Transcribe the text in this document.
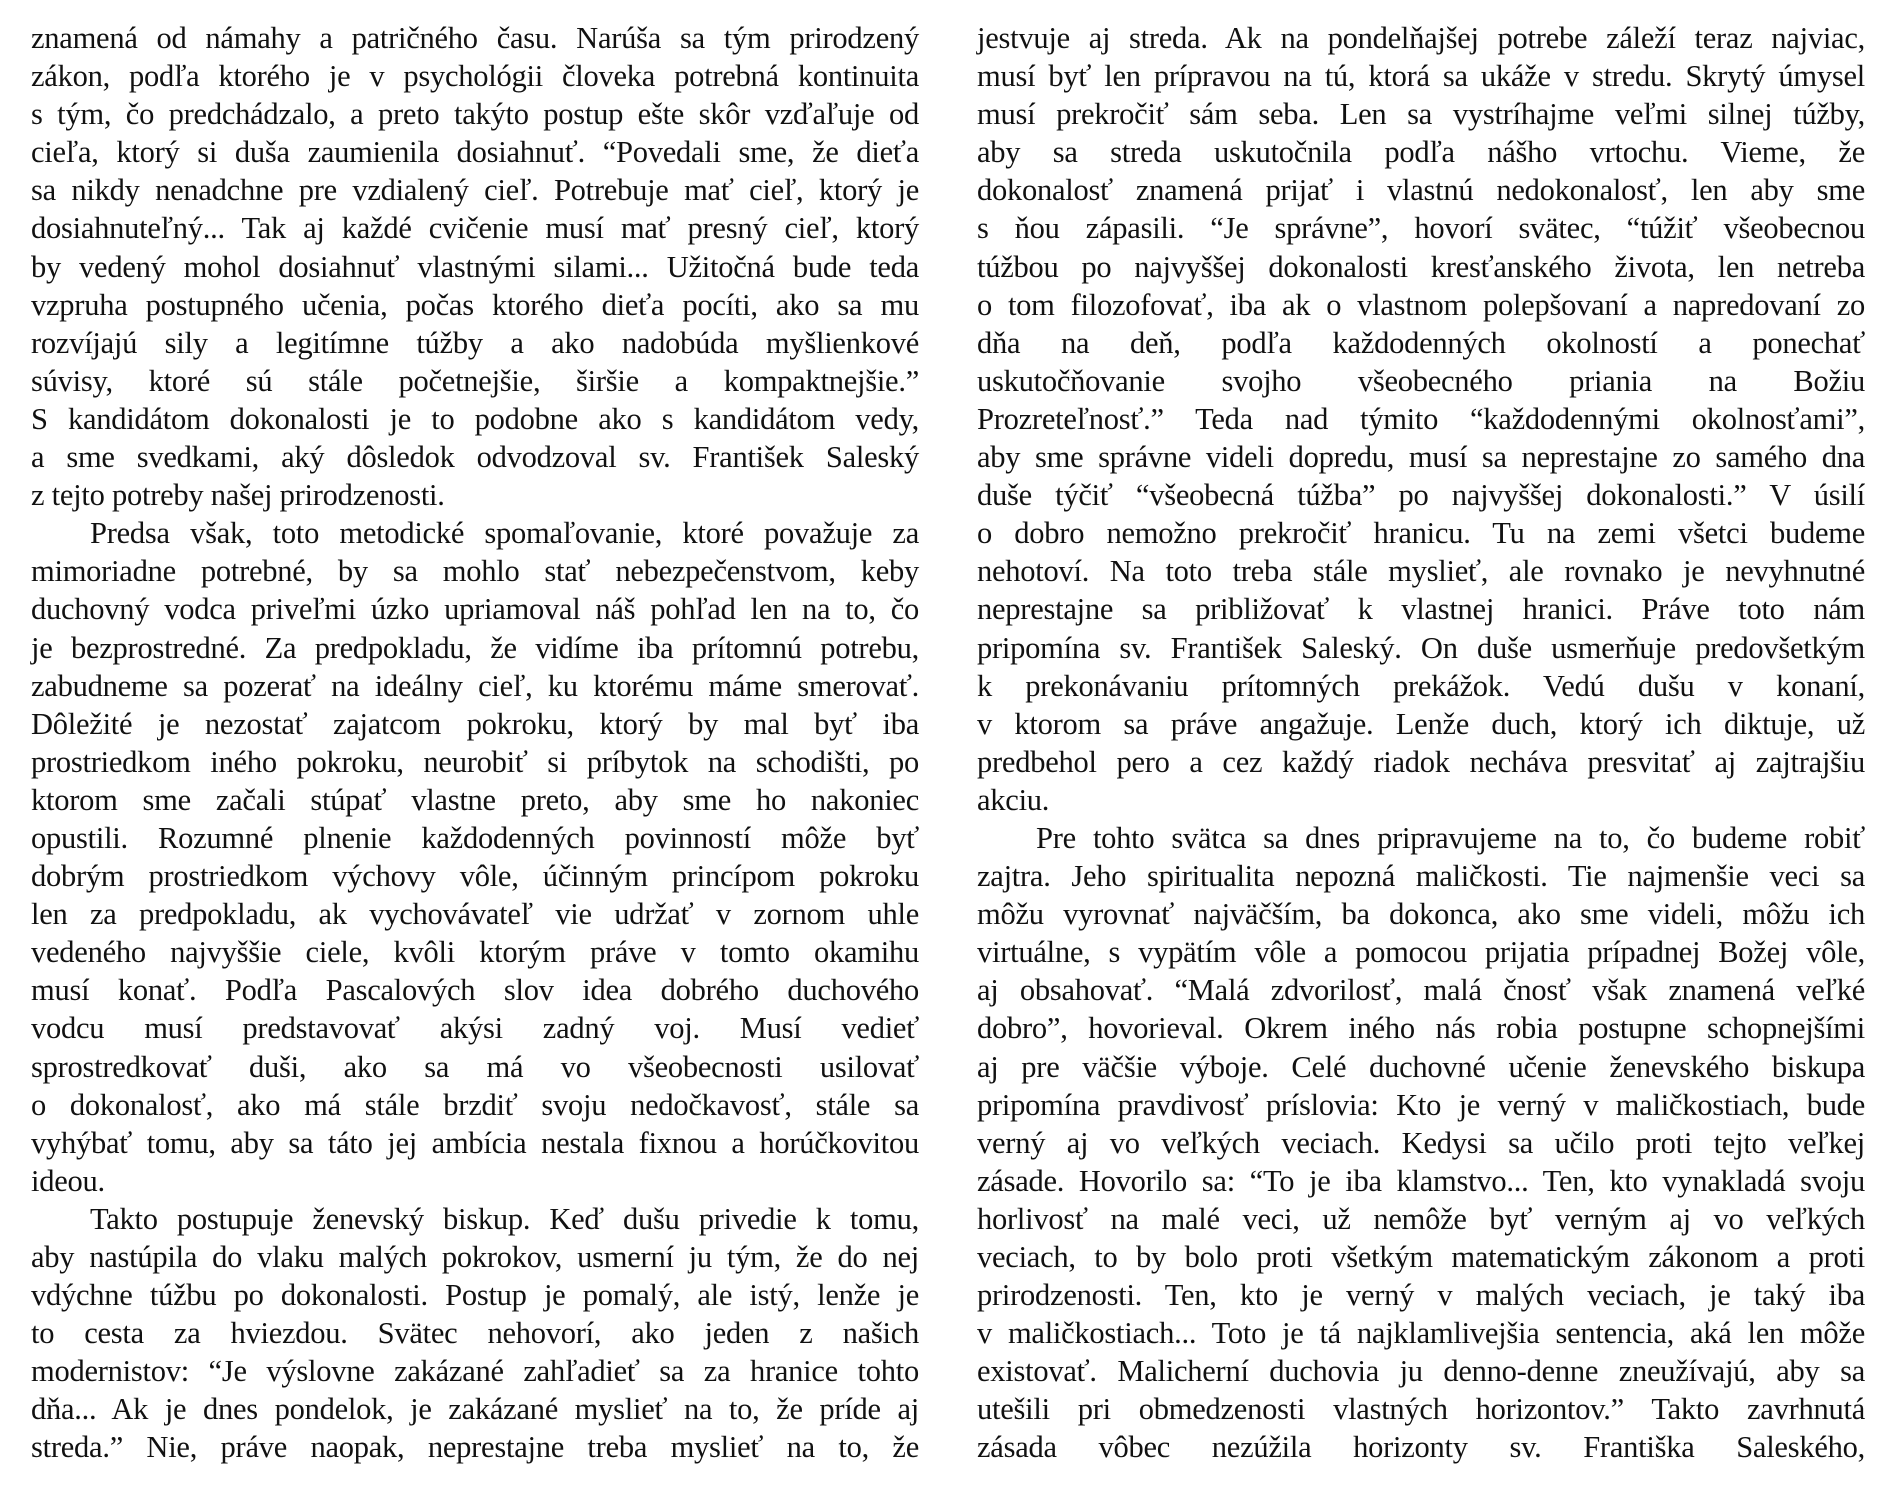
znamená od námahy a patričného času. Narúša sa tým prirodzený
zákon, podľa ktorého je v psychológii človeka potrebná kontinuita
s tým, čo predchádzalo, a preto takýto postup ešte skôr vzďaľuje od
cieľa, ktorý si duša zaumienila dosiahnuť. “Povedali sme, že dieťa
sa nikdy nenadchne pre vzdialený cieľ. Potrebuje mať cieľ, ktorý je
dosiahnuteľný... Tak aj každé cvičenie musí mať presný cieľ, ktorý
by vedený mohol dosiahnuť vlastnými silami... Užitočná bude teda
vzpruha postupného učenia, počas ktorého dieťa pocíti, ako sa mu
rozvíjajú sily a legitímne túžby a ako nadobúda myšlienkové
súvisy, ktoré sú stále početnejšie, širšie a kompaktnejšie.”
S kandidátom dokonalosti je to podobne ako s kandidátom vedy,
a sme svedkami, aký dôsledok odvodzoval sv. František Saleský
z tejto potreby našej prirodzenosti.
Predsa však, toto metodické spomaľovanie, ktoré považuje za
mimoriadne potrebné, by sa mohlo stať nebezpečenstvom, keby
duchovný vodca priveľmi úzko upriamoval náš pohľad len na to, čo
je bezprostredné. Za predpokladu, že vidíme iba prítomnú potrebu,
zabudneme sa pozerať na ideálny cieľ, ku ktorému máme smerovať.
Dôležité je nezostať zajatcom pokroku, ktorý by mal byť iba
prostriedkom iného pokroku, neurobiť si príbytok na schodišti, po
ktorom sme začali stúpať vlastne preto, aby sme ho nakoniec
opustili. Rozumné plnenie každodenných povinností môže byť
dobrým prostriedkom výchovy vôle, účinným princípom pokroku
len za predpokladu, ak vychovávateľ vie udržať v zornom uhle
vedeného najvyššie ciele, kvôli ktorým práve v tomto okamihu
musí konať. Podľa Pascalových slov idea dobrého duchového
vodcu musí predstavovať akýsi zadný voj. Musí vedieť
sprostredkovať duši, ako sa má vo všeobecnosti usilovať
o dokonalosť, ako má stále brzdiť svoju nedočkavosť, stále sa
vyhýbať tomu, aby sa táto jej ambícia nestala fixnou a horúčkovitou
ideou.
Takto postupuje ženevský biskup. Keď dušu privedie k tomu,
aby nastúpila do vlaku malých pokrokov, usmerní ju tým, že do nej
vdýchne túžbu po dokonalosti. Postup je pomalý, ale istý, lenže je
to cesta za hviezdou. Svätec nehovorí, ako jeden z našich
modernistov: “Je výslovne zakázané zahľadieť sa za hranice tohto
dňa... Ak je dnes pondelok, je zakázané myslieť na to, že príde aj
streda.” Nie, práve naopak, neprestajne treba myslieť na to, že
jestvuje aj streda. Ak na pondelňajšej potrebe záleží teraz najviac,
musí byť len prípravou na tú, ktorá sa ukáže v stredu. Skrytý úmysel
musí prekročiť sám seba. Len sa vystríhajme veľmi silnej túžby,
aby sa streda uskutočnila podľa nášho vrtochu. Vieme, že
dokonalosť znamená prijať i vlastnú nedokonalosť, len aby sme
s ňou zápasili. “Je správne”, hovorí svätec, “túžiť všeobecnou
túžbou po najvyššej dokonalosti kresťanského života, len netreba
o tom filozofovať, iba ak o vlastnom polepšovaní a napredovaní zo
dňa na deň, podľa každodenných okolností a ponechať
uskutočňovanie svojho všeobecného priania na Božiu
Prozreteľnosť.” Teda nad týmito “každodennými okolnosťami”,
aby sme správne videli dopredu, musí sa neprestajne zo samého dna
duše týčiť “všeobecná túžba” po najvyššej dokonalosti.” V úsilí
o dobro nemožno prekročiť hranicu. Tu na zemi všetci budeme
nehotoví. Na toto treba stále myslieť, ale rovnako je nevyhnutné
neprestajne sa približovať k vlastnej hranici. Práve toto nám
pripomína sv. František Saleský. On duše usmerňuje predovšetkým
k prekonávaniu prítomných prekážok. Vedú dušu v konaní,
v ktorom sa práve angažuje. Lenže duch, ktorý ich diktuje, už
predbehol pero a cez každý riadok nechávа presvitať aj zajtrajšiu
akciu.
Pre tohto svätca sa dnes pripravujeme na to, čo budeme robiť
zajtra. Jeho spiritualita nepozná maličkosti. Tie najmenšie veci sa
môžu vyrovnať najväčším, ba dokonca, ako sme videli, môžu ich
virtuálne, s vypätím vôle a pomocou prijatia prípadnej Božej vôle,
aj obsahovať. “Malá zdvorilosť, malá čnosť však znamená veľké
dobro”, hovorieval. Okrem iného nás robia postupne schopnejšími
aj pre väčšie výboje. Celé duchovné učenie ženevského biskupa
pripomína pravdivosť príslovia: Kto je verný v maličkostiach, bude
verný aj vo veľkých veciach. Kedysi sa učilo proti tejto veľkej
zásade. Hovorilo sa: “To je iba klamstvo... Ten, kto vynakladá svoju
horlivosť na malé veci, už nemôže byť verným aj vo veľkých
veciach, to by bolo proti všetkým matematickým zákonom a proti
prirodzenosti. Ten, kto je verný v malých veciach, je taký iba
v maličkostiach... Toto je tá najklamlivejšia sentencia, aká len môže
existovať. Malicherní duchovia ju denno-denne zneužívajú, aby sa
utešili pri obmedzenosti vlastných horizontov.” Takto zavrhnutá
zásada vôbec nezúžila horizonty sv. Františka Saleského,
